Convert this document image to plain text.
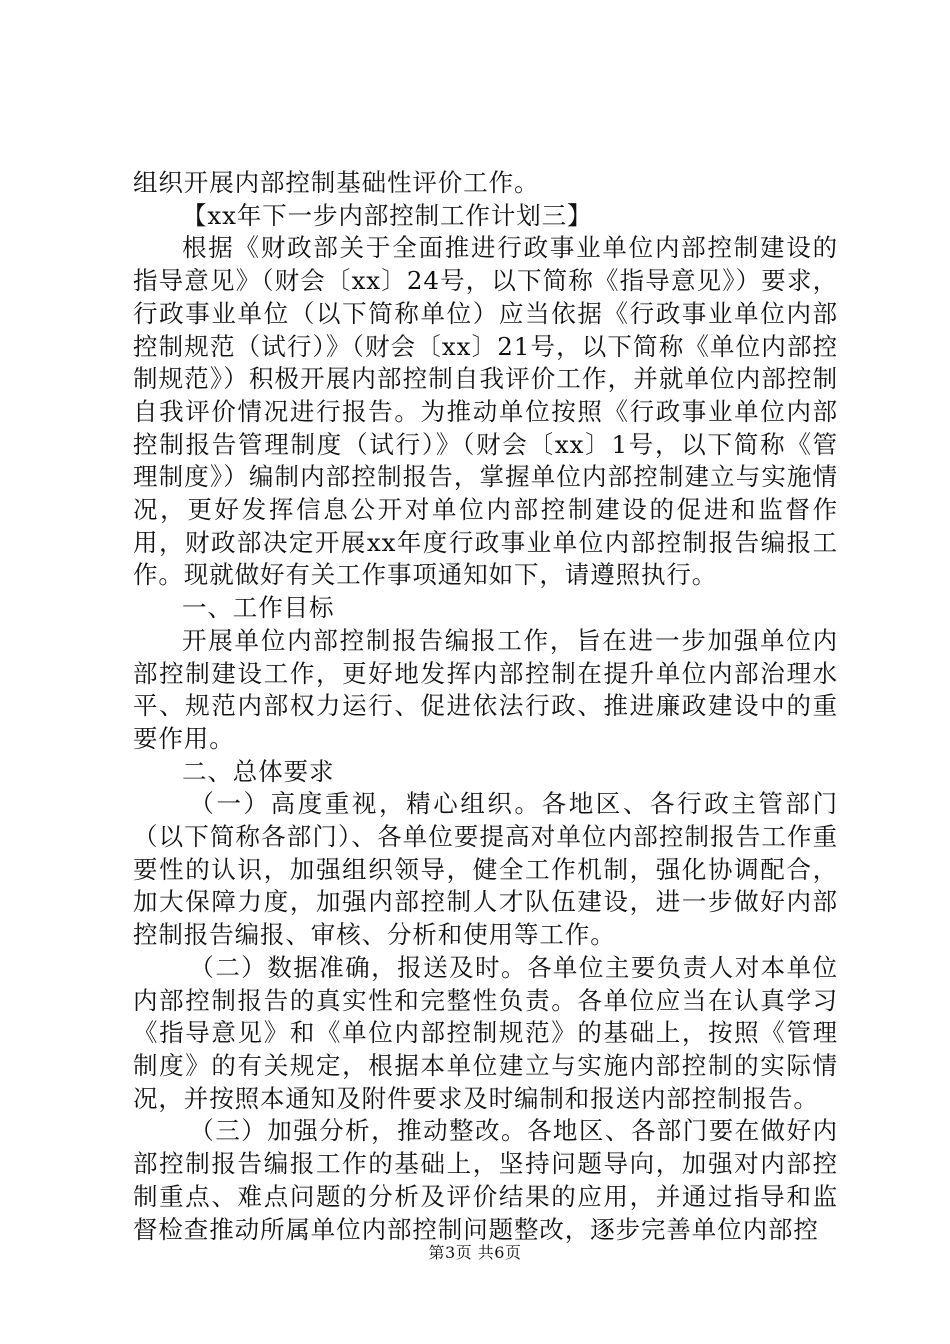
组织开展内部控制基础性评价工作。

【xx年下一步内部控制工作计划三】

根据《财政部关于全面推进行政事业单位内部控制建设的指导意见》（财会〔xx〕24号，以下简称《指导意见》）要求，行政事业单位（以下简称单位）应当依据《行政事业单位内部控制规范（试行）》（财会〔xx〕21号，以下简称《单位内部控制规范》）积极开展内部控制自我评价工作，并就单位内部控制自我评价情况进行报告。为推动单位按照《行政事业单位内部控制报告管理制度（试行）》（财会〔xx〕1号，以下简称《管理制度》）编制内部控制报告，掌握单位内部控制建立与实施情况，更好发挥信息公开对单位内部控制建设的促进和监督作用，财政部决定开展xx年度行政事业单位内部控制报告编报工作。现就做好有关工作事项通知如下，请遵照执行。

一、工作目标

开展单位内部控制报告编报工作，旨在进一步加强单位内部控制建设工作，更好地发挥内部控制在提升单位内部治理水平、规范内部权力运行、促进依法行政、推进廉政建设中的重要作用。

二、总体要求

（一）高度重视，精心组织。各地区、各行政主管部门（以下简称各部门）、各单位要提高对单位内部控制报告工作重要性的认识，加强组织领导，健全工作机制，强化协调配合，加大保障力度，加强内部控制人才队伍建设，进一步做好内部控制报告编报、审核、分析和使用等工作。

（二）数据准确，报送及时。各单位主要负责人对本单位内部控制报告的真实性和完整性负责。各单位应当在认真学习《指导意见》和《单位内部控制规范》的基础上，按照《管理制度》的有关规定，根据本单位建立与实施内部控制的实际情况，并按照本通知及附件要求及时编制和报送内部控制报告。

（三）加强分析，推动整改。各地区、各部门要在做好内部控制报告编报工作的基础上，坚持问题导向，加强对内部控制重点、难点问题的分析及评价结果的应用，并通过指导和监督检查推动所属单位内部控制问题整改，逐步完善单位内部控

第3页 共6页
